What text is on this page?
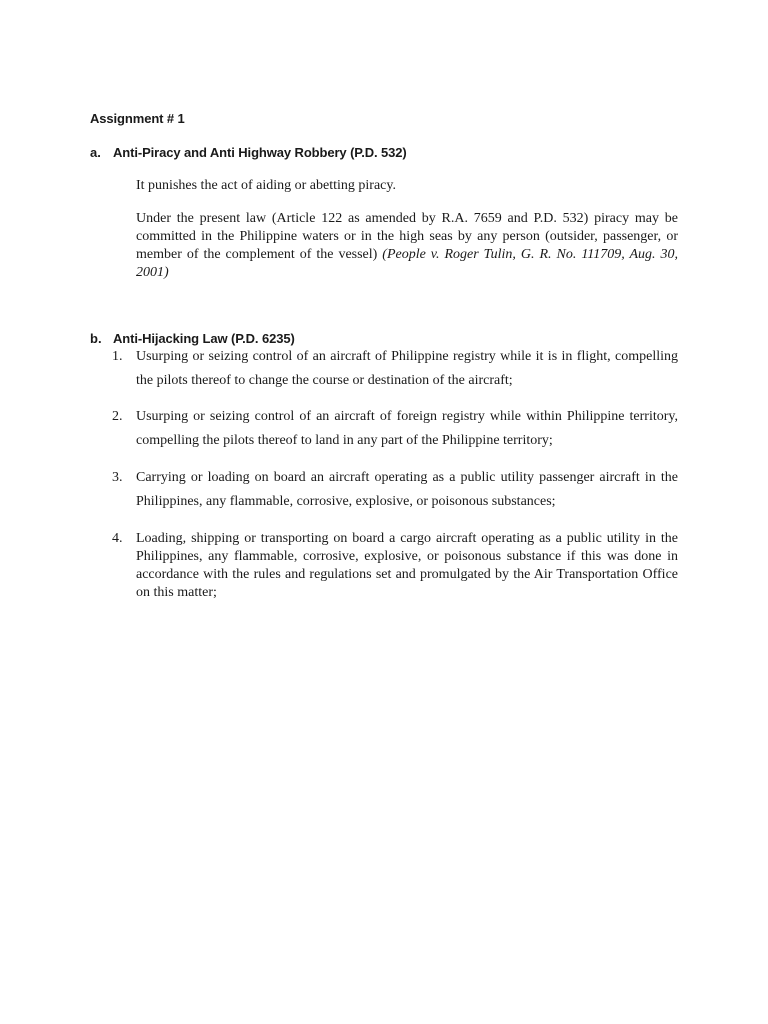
Assignment # 1
a. Anti-Piracy and Anti Highway Robbery (P.D. 532)
It punishes the act of aiding or abetting piracy.
Under the present law (Article 122 as amended by R.A. 7659 and P.D. 532) piracy may be committed in the Philippine waters or in the high seas by any person (outsider, passenger, or member of the complement of the vessel) (People v. Roger Tulin, G. R. No. 111709, Aug. 30, 2001)
b. Anti-Hijacking Law (P.D. 6235)
1. Usurping or seizing control of an aircraft of Philippine registry while it is in flight, compelling the pilots thereof to change the course or destination of the aircraft;
2. Usurping or seizing control of an aircraft of foreign registry while within Philippine territory, compelling the pilots thereof to land in any part of the Philippine territory;
3. Carrying or loading on board an aircraft operating as a public utility passenger aircraft in the Philippines, any flammable, corrosive, explosive, or poisonous substances;
4. Loading, shipping or transporting on board a cargo aircraft operating as a public utility in the Philippines, any flammable, corrosive, explosive, or poisonous substance if this was done in accordance with the rules and regulations set and promulgated by the Air Transportation Office on this matter;
